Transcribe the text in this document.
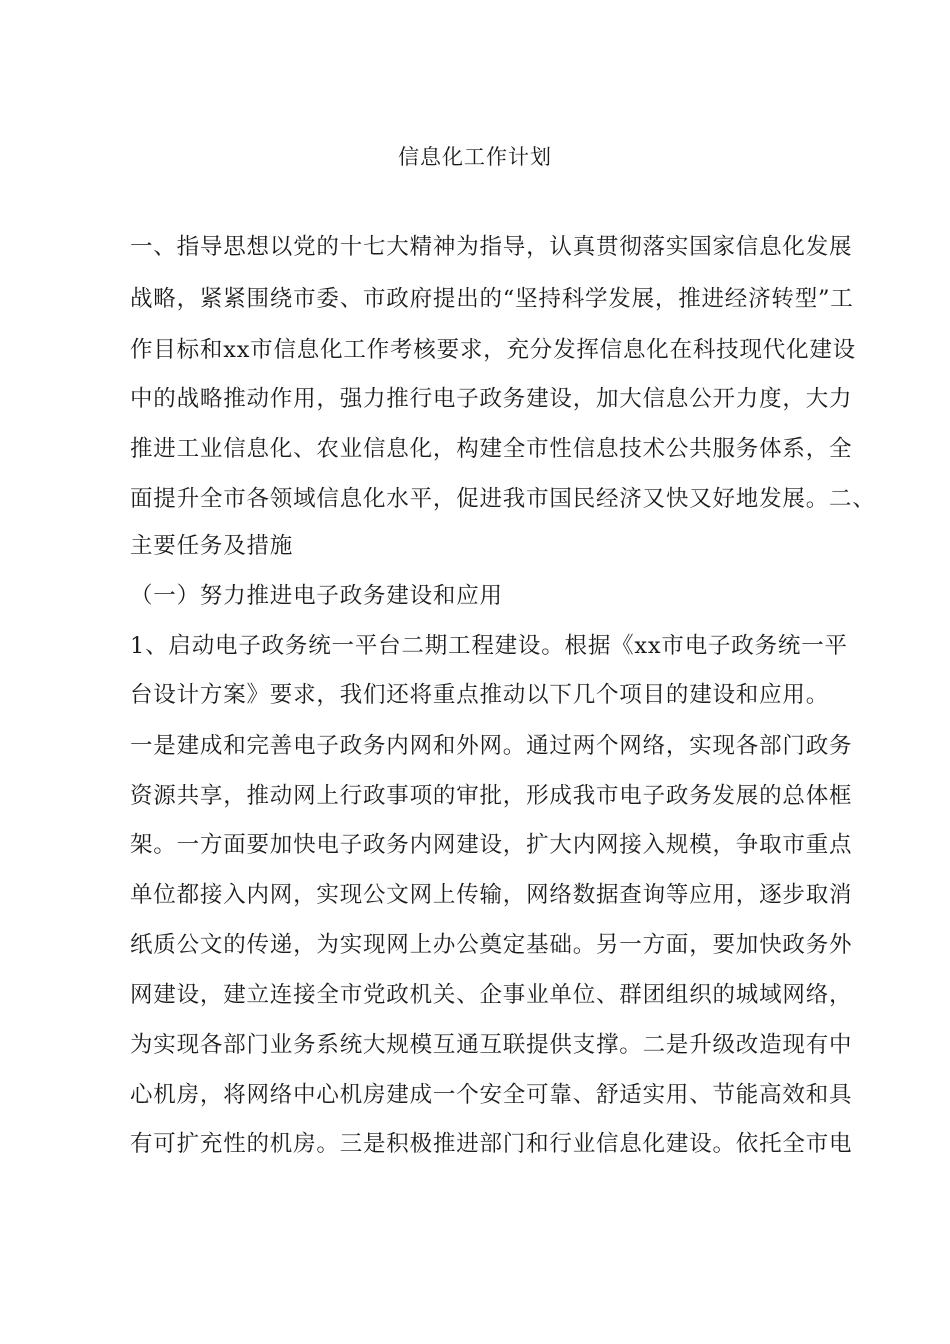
信息化工作计划
一、指导思想以党的十七大精神为指导，认真贯彻落实国家信息化发展
战略，紧紧围绕市委、市政府提出的“坚持科学发展，推进经济转型”工
作目标和xx市信息化工作考核要求，充分发挥信息化在科技现代化建设
中的战略推动作用，强力推行电子政务建设，加大信息公开力度，大力
推进工业信息化、农业信息化，构建全市性信息技术公共服务体系，全
面提升全市各领域信息化水平，促进我市国民经济又快又好地发展。二、
主要任务及措施
（一）努力推进电子政务建设和应用
1、启动电子政务统一平台二期工程建设。根据《xx市电子政务统一平
台设计方案》要求，我们还将重点推动以下几个项目的建设和应用。
一是建成和完善电子政务内网和外网。通过两个网络，实现各部门政务
资源共享，推动网上行政事项的审批，形成我市电子政务发展的总体框
架。一方面要加快电子政务内网建设，扩大内网接入规模，争取市重点
单位都接入内网，实现公文网上传输，网络数据查询等应用，逐步取消
纸质公文的传递，为实现网上办公奠定基础。另一方面，要加快政务外
网建设，建立连接全市党政机关、企事业单位、群团组织的城域网络，
为实现各部门业务系统大规模互通互联提供支撑。二是升级改造现有中
心机房，将网络中心机房建成一个安全可靠、舒适实用、节能高效和具
有可扩充性的机房。三是积极推进部门和行业信息化建设。依托全市电
